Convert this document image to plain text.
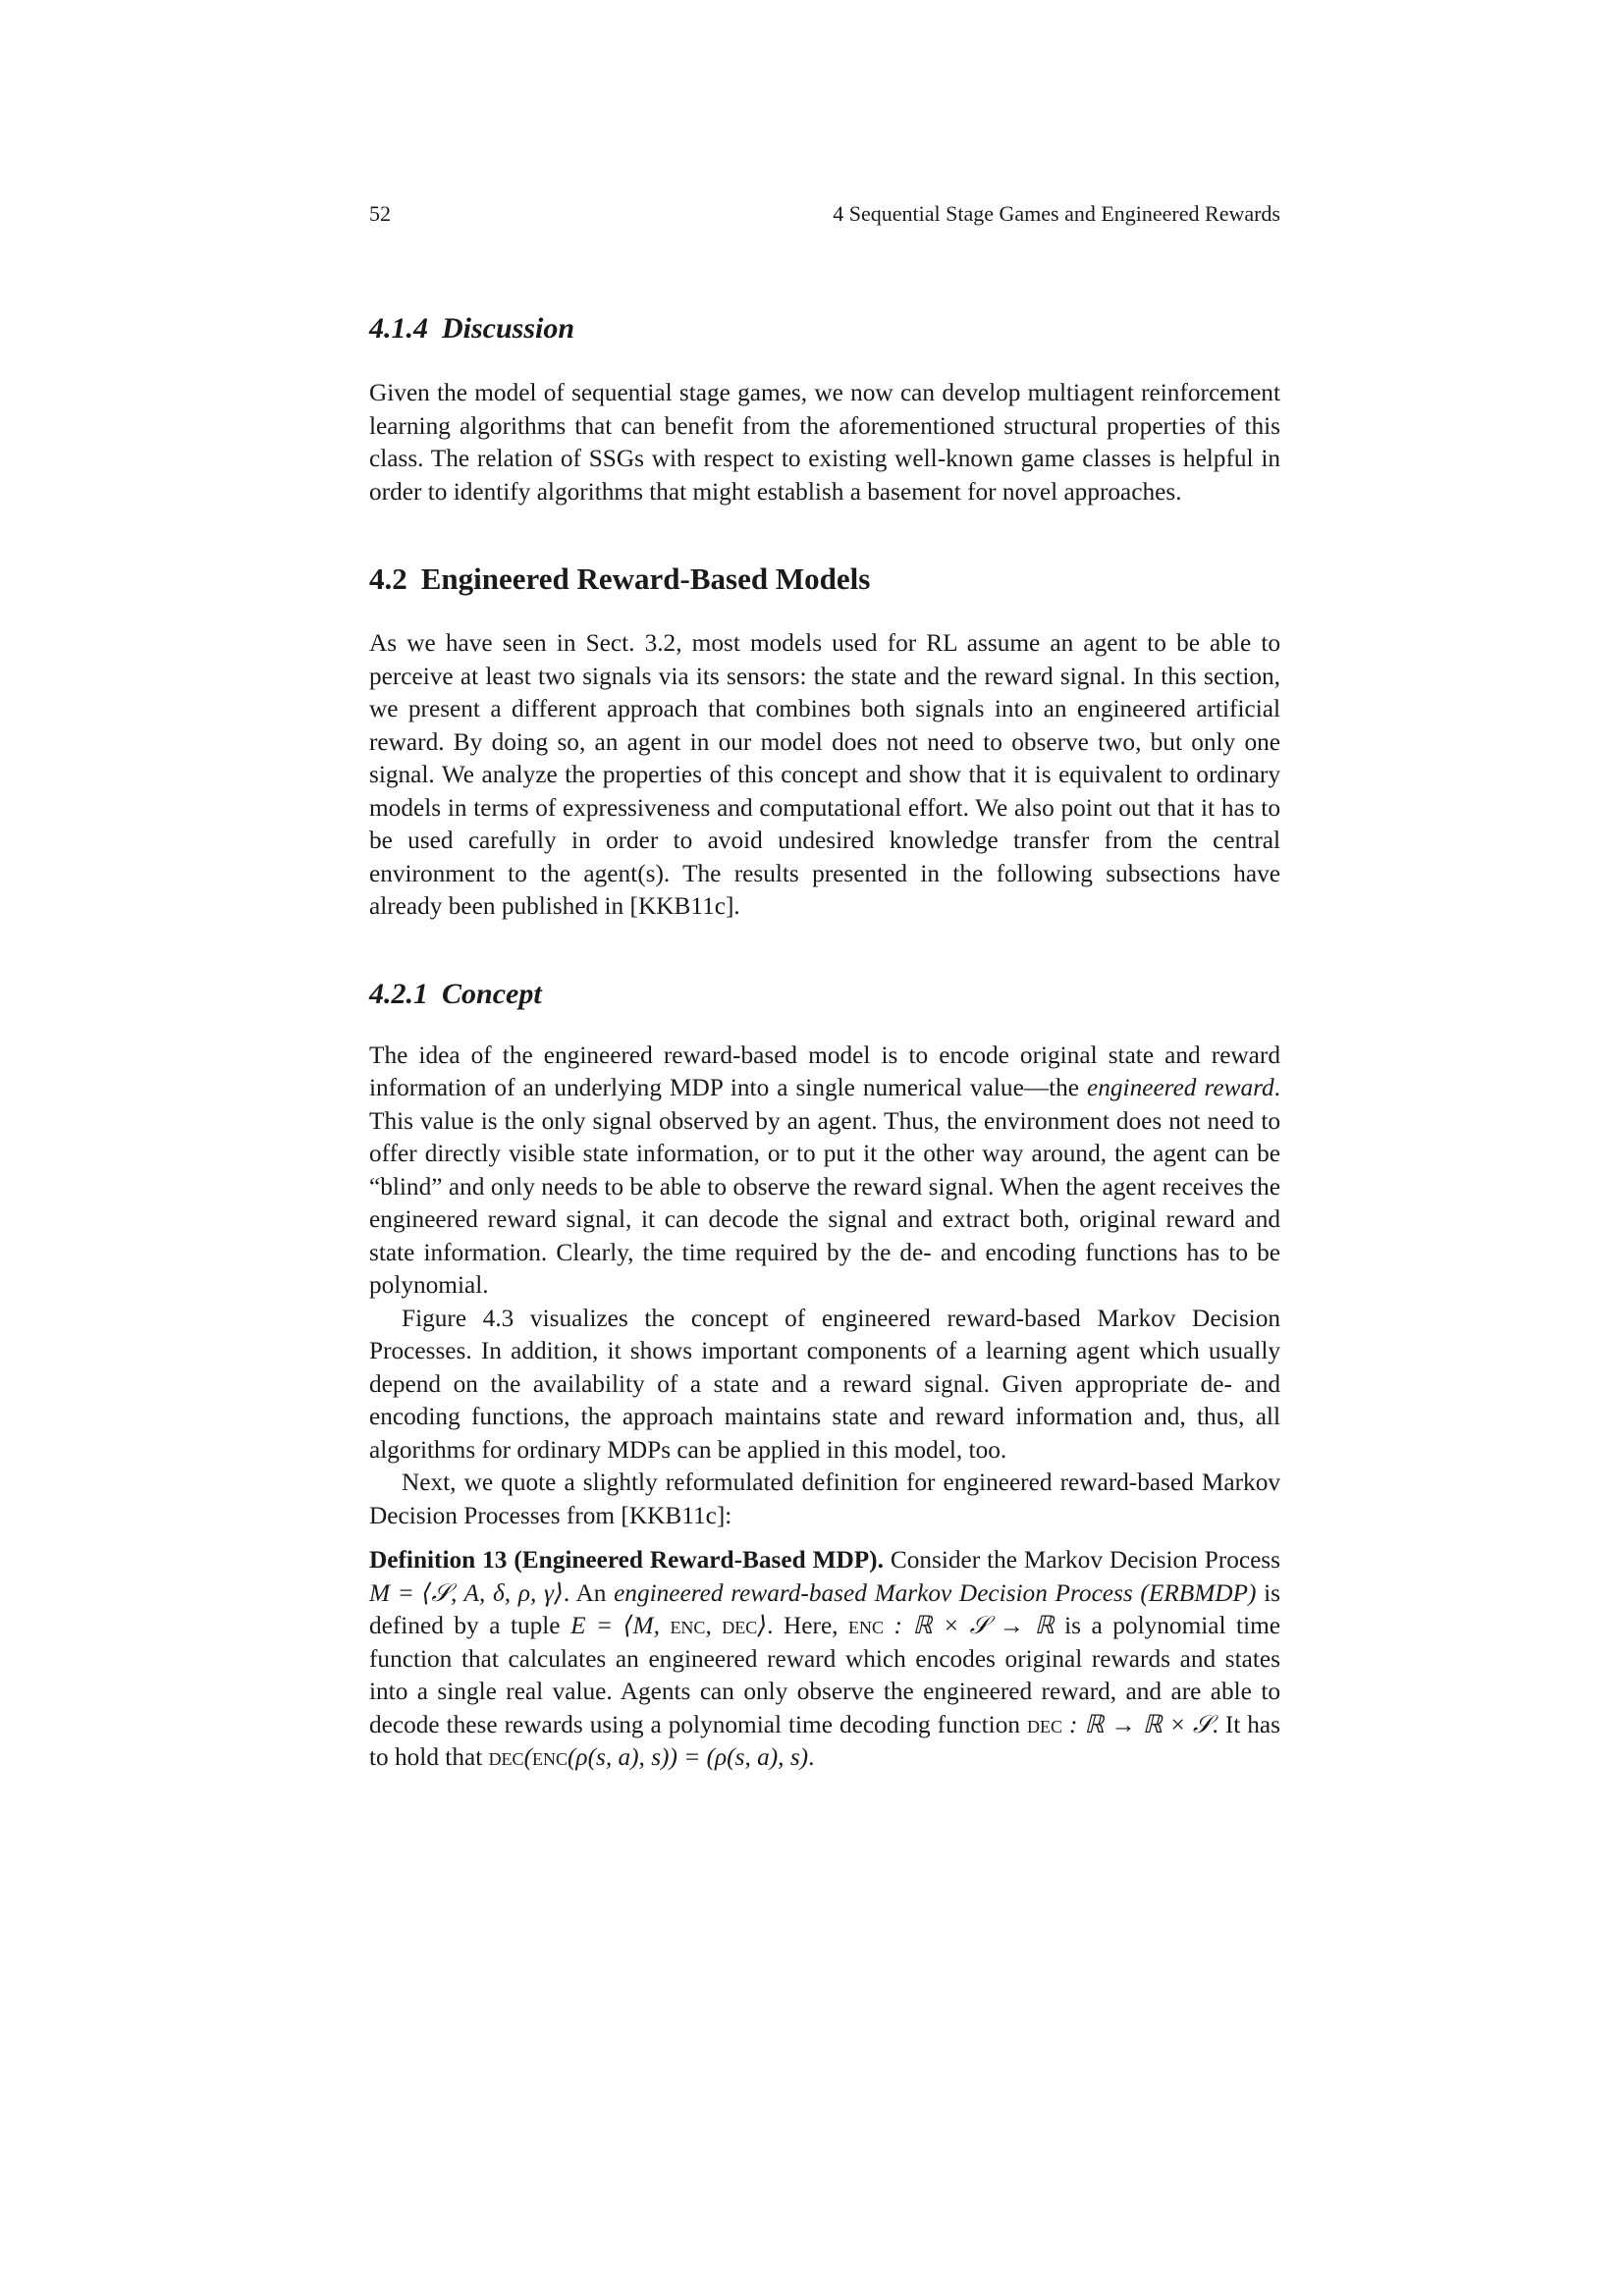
52	4 Sequential Stage Games and Engineered Rewards
4.1.4 Discussion

Given the model of sequential stage games, we now can develop multiagent reinforcement learning algorithms that can benefit from the aforementioned structural properties of this class. The relation of SSGs with respect to existing well-known game classes is helpful in order to identify algorithms that might establish a basement for novel approaches.

4.2 Engineered Reward-Based Models

As we have seen in Sect. 3.2, most models used for RL assume an agent to be able to perceive at least two signals via its sensors: the state and the reward signal. In this section, we present a different approach that combines both signals into an engineered artificial reward. By doing so, an agent in our model does not need to observe two, but only one signal. We analyze the properties of this concept and show that it is equivalent to ordinary models in terms of expressiveness and computational effort. We also point out that it has to be used carefully in order to avoid undesired knowledge transfer from the central environment to the agent(s). The results presented in the following subsections have already been published in [KKB11c].

4.2.1 Concept

The idea of the engineered reward-based model is to encode original state and reward information of an underlying MDP into a single numerical value—the engineered reward. This value is the only signal observed by an agent. Thus, the environment does not need to offer directly visible state information, or to put it the other way around, the agent can be “blind” and only needs to be able to observe the reward signal. When the agent receives the engineered reward signal, it can decode the signal and extract both, original reward and state information. Clearly, the time required by the de- and encoding functions has to be polynomial.

Figure 4.3 visualizes the concept of engineered reward-based Markov Decision Processes. In addition, it shows important components of a learning agent which usually depend on the availability of a state and a reward signal. Given appropriate de- and encoding functions, the approach maintains state and reward information and, thus, all algorithms for ordinary MDPs can be applied in this model, too.

Next, we quote a slightly reformulated definition for engineered reward-based Markov Decision Processes from [KKB11c]:

Definition 13 (Engineered Reward-Based MDP). Consider the Markov Decision Process M = ⟨𝒮, A, δ, ρ, γ⟩. An engineered reward-based Markov Decision Process (ERBMDP) is defined by a tuple E = ⟨M, enc, dec⟩. Here, enc : ℝ × 𝒮 → ℝ is a polynomial time function that calculates an engineered reward which encodes original rewards and states into a single real value. Agents can only observe the engineered reward, and are able to decode these rewards using a polynomial time decoding function dec : ℝ → ℝ × 𝒮. It has to hold that dec(enc(ρ(s, a), s)) = (ρ(s, a), s).
